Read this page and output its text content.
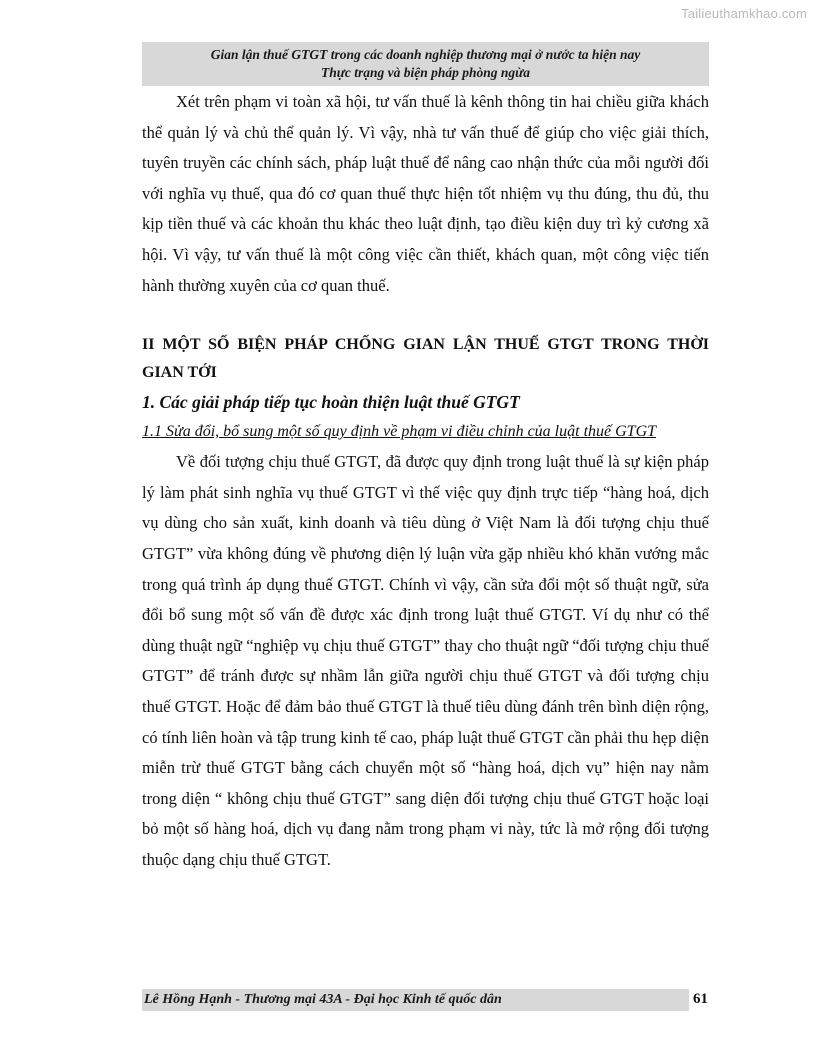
Tailieuthamkhao.com
Gian lận thuế GTGT trong các doanh nghiệp thương mại ở nước ta hiện nay
Thực trạng và biện pháp phòng ngừa

Xét trên phạm vi toàn xã hội, tư vấn thuế là kênh thông tin hai chiều giữa khách thể quản lý và chủ thể quản lý. Vì vậy, nhà tư vấn thuế để giúp cho việc giải thích, tuyên truyền các chính sách, pháp luật thuế để nâng cao nhận thức của mỗi người đối với nghĩa vụ thuế, qua đó cơ quan thuế thực hiện tốt nhiệm vụ thu đúng, thu đủ, thu kịp tiền thuế và các khoản thu khác theo luật định, tạo điều kiện duy trì kỷ cương xã hội. Vì vậy, tư vấn thuế là một công việc cần thiết, khách quan, một công việc tiến hành thường xuyên của cơ quan thuế.

II MỘT SỐ BIỆN PHÁP CHỐNG GIAN LẬN THUẾ GTGT TRONG THỜI GIAN TỚI

1. Các giải pháp tiếp tục hoàn thiện luật thuế GTGT

1.1 Sửa đổi, bổ sung một số quy định về phạm vi điều chỉnh của luật thuế GTGT

Về đối tượng chịu thuế GTGT, đã được quy định trong luật thuế là sự kiện pháp lý làm phát sinh nghĩa vụ thuế GTGT vì thế việc quy định trực tiếp “hàng hoá, dịch vụ dùng cho sản xuất, kinh doanh và tiêu dùng ở Việt Nam là đối tượng chịu thuế GTGT” vừa không đúng về phương diện lý luận vừa gặp nhiều khó khăn vướng mắc trong quá trình áp dụng thuế GTGT. Chính vì vậy, cần sửa đổi một số thuật ngữ, sửa đổi bổ sung một số vấn đề được xác định trong luật thuế GTGT. Ví dụ như có thể dùng thuật ngữ “nghiệp vụ chịu thuế GTGT” thay cho thuật ngữ “đối tượng chịu thuế GTGT” để tránh được sự nhầm lẫn giữa người chịu thuế GTGT và đối tượng chịu thuế GTGT. Hoặc để đảm bảo thuế GTGT là thuế tiêu dùng đánh trên bình diện rộng, có tính liên hoàn và tập trung kinh tế cao, pháp luật thuế GTGT cần phải thu hẹp diện miễn trừ thuế GTGT bằng cách chuyển một số “hàng hoá, dịch vụ” hiện nay nằm trong diện “ không chịu thuế GTGT” sang diện đối tượng chịu thuế GTGT hoặc loại bỏ một số hàng hoá, dịch vụ đang nằm trong phạm vi này, tức là mở rộng đối tượng thuộc dạng chịu thuế GTGT.

Lê Hồng Hạnh - Thương mại 43A - Đại học Kinh tế quốc dân	61
